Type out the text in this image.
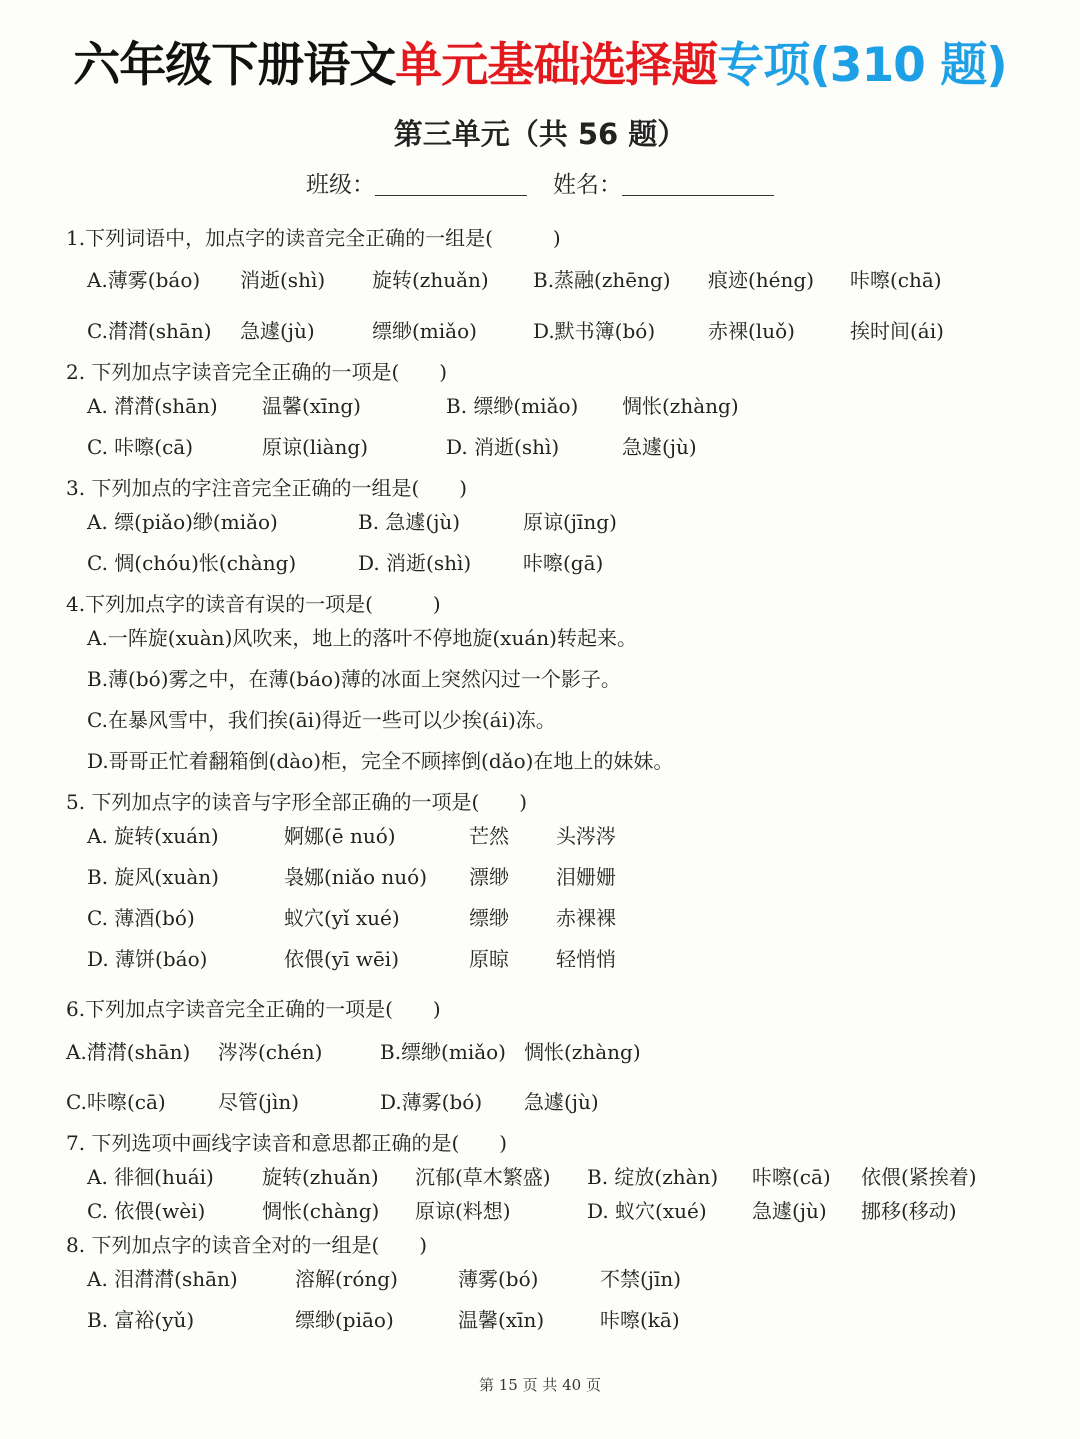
六年级下册语文单元基础选择题专项(310 题)
第三单元（共 56 题）
班级：	姓名：
1.下列词语中，加点字的读音完全正确的一组是(　　　)
A.薄雾(báo) 消逝(shì) 旋转(zhuǎn) B.蒸融(zhēng) 痕迹(héng) 咔嚓(chā)
C.潸潸(shān) 急遽(jù)	缥缈(miǎo)	D.默书簿(bó)	赤裸(luǒ)	挨时间(ái)
2. 下列加点字读音完全正确的一项是(　　)
A. 潸潸(shān) 温馨(xīng)	B. 缥缈(miǎo) 惆怅(zhàng)
C. 咔嚓(cā)	原谅(liàng)	D. 消逝(shì)	急遽(jù)
3. 下列加点的字注音完全正确的一组是(　　)
A. 缥(piǎo)缈(miǎo)	B. 急遽(jù)	原谅(jīng)
C. 惆(chóu)怅(chàng)	D. 消逝(shì)	咔嚓(gā)
4.下列加点字的读音有误的一项是(　　　)
A.一阵旋(xuàn)风吹来，地上的落叶不停地旋(xuán)转起来。
B.薄(bó)雾之中，在薄(báo)薄的冰面上突然闪过一个影子。
C.在暴风雪中，我们挨(āi)得近一些可以少挨(ái)冻。
D.哥哥正忙着翻箱倒(dào)柜，完全不顾摔倒(dǎo)在地上的妹妹。
5. 下列加点字的读音与字形全部正确的一项是(　　)
A. 旋转(xuán)	婀娜(ē nuó)	芒然 头涔涔
B. 旋风(xuàn)	袅娜(niǎo nuó) 漂缈 泪姗姗
C. 薄酒(bó)	蚁穴(yǐ xué)	缥缈 赤裸裸
D. 薄饼(báo)	依偎(yī wēi)	原晾 轻悄悄
6.下列加点字读音完全正确的一项是(　　)
A.潸潸(shān) 涔涔(chén)	B.缥缈(miǎo) 惆怅(zhàng)
C.咔嚓(cā)	尽管(jìn)	D.薄雾(bó) 急遽(jù)
7. 下列选项中画线字读音和意思都正确的是(　　)
A. 徘徊(huái) 旋转(zhuǎn) 沉郁(草木繁盛) B. 绽放(zhàn) 咔嚓(cā) 依偎(紧挨着)
C. 依偎(wèi)	惆怅(chàng) 原谅(料想)	D. 蚁穴(xué) 急遽(jù) 挪移(移动)
8. 下列加点字的读音全对的一组是(　　)
A. 泪潸潸(shān)	溶解(róng)	薄雾(bó)	不禁(jīn)
B. 富裕(yǔ)	缥缈(piāo)	温馨(xīn)	咔嚓(kā)
第 15 页 共 40 页
